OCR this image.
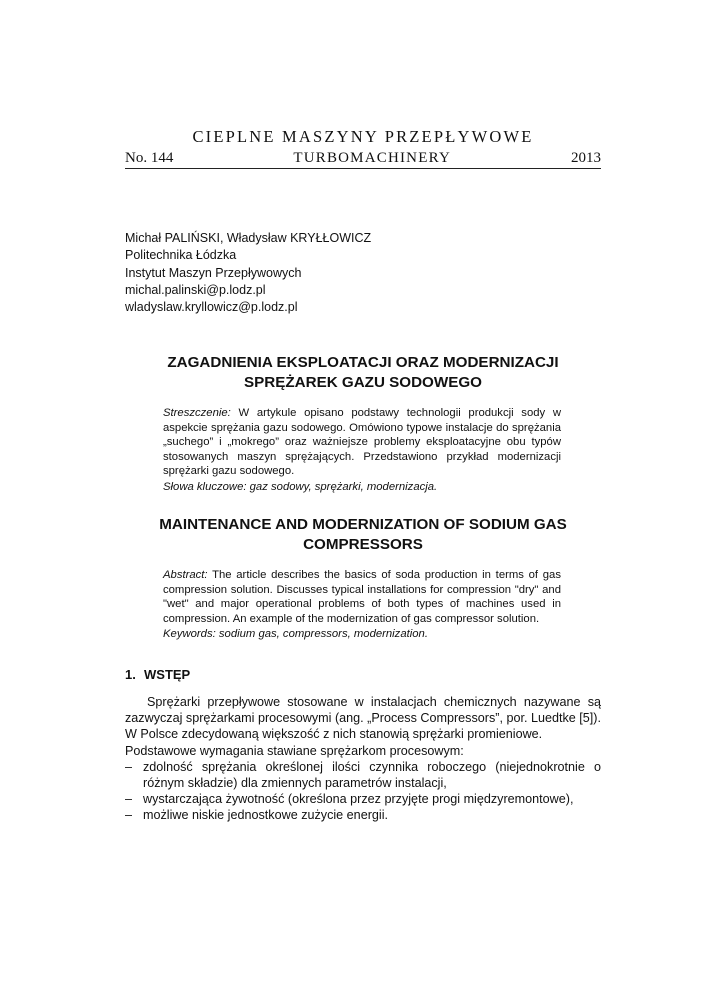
CIEPLNE MASZYNY PRZEPŁYWOWE
No. 144	TURBOMACHINERY	2013
Michał PALIŃSKI, Władysław KRYŁŁOWICZ
Politechnika Łódzka
Instytut Maszyn Przepływowych
michal.palinski@p.lodz.pl
wladyslaw.kryllowicz@p.lodz.pl
ZAGADNIENIA EKSPLOATACJI ORAZ MODERNIZACJI
SPRĘŻAREK GAZU SODOWEGO

Streszczenie: W artykule opisano podstawy technologii produkcji sody w aspekcie sprężania gazu sodowego. Omówiono typowe instalacje do sprężania „suchego” i „mokrego” oraz ważniejsze problemy eksploatacyjne obu typów stosowanych maszyn sprężających. Przedstawiono przykład modernizacji sprężarki gazu sodowego.

Słowa kluczowe: gaz sodowy, sprężarki, modernizacja.

MAINTENANCE AND MODERNIZATION OF SODIUM GAS
COMPRESSORS

Abstract: The article describes the basics of soda production in terms of gas compression solution. Discusses typical installations for compression "dry" and "wet" and major operational problems of both types of machines used in compression. An example of the modernization of gas compressor solution.

Keywords: sodium gas, compressors, modernization.

1. WSTĘP

Sprężarki przepływowe stosowane w instalacjach chemicznych nazywane są zazwyczaj sprężarkami procesowymi (ang. „Process Compressors”, por. Luedtke [5]). W Polsce zdecydowaną większość z nich stanowią sprężarki promieniowe.

Podstawowe wymagania stawiane sprężarkom procesowym:

– zdolność sprężania określonej ilości czynnika roboczego (niejednokrotnie o różnym składzie) dla zmiennych parametrów instalacji,
– wystarczająca żywotność (określona przez przyjęte progi międzyremontowe),
– możliwe niskie jednostkowe zużycie energii.
